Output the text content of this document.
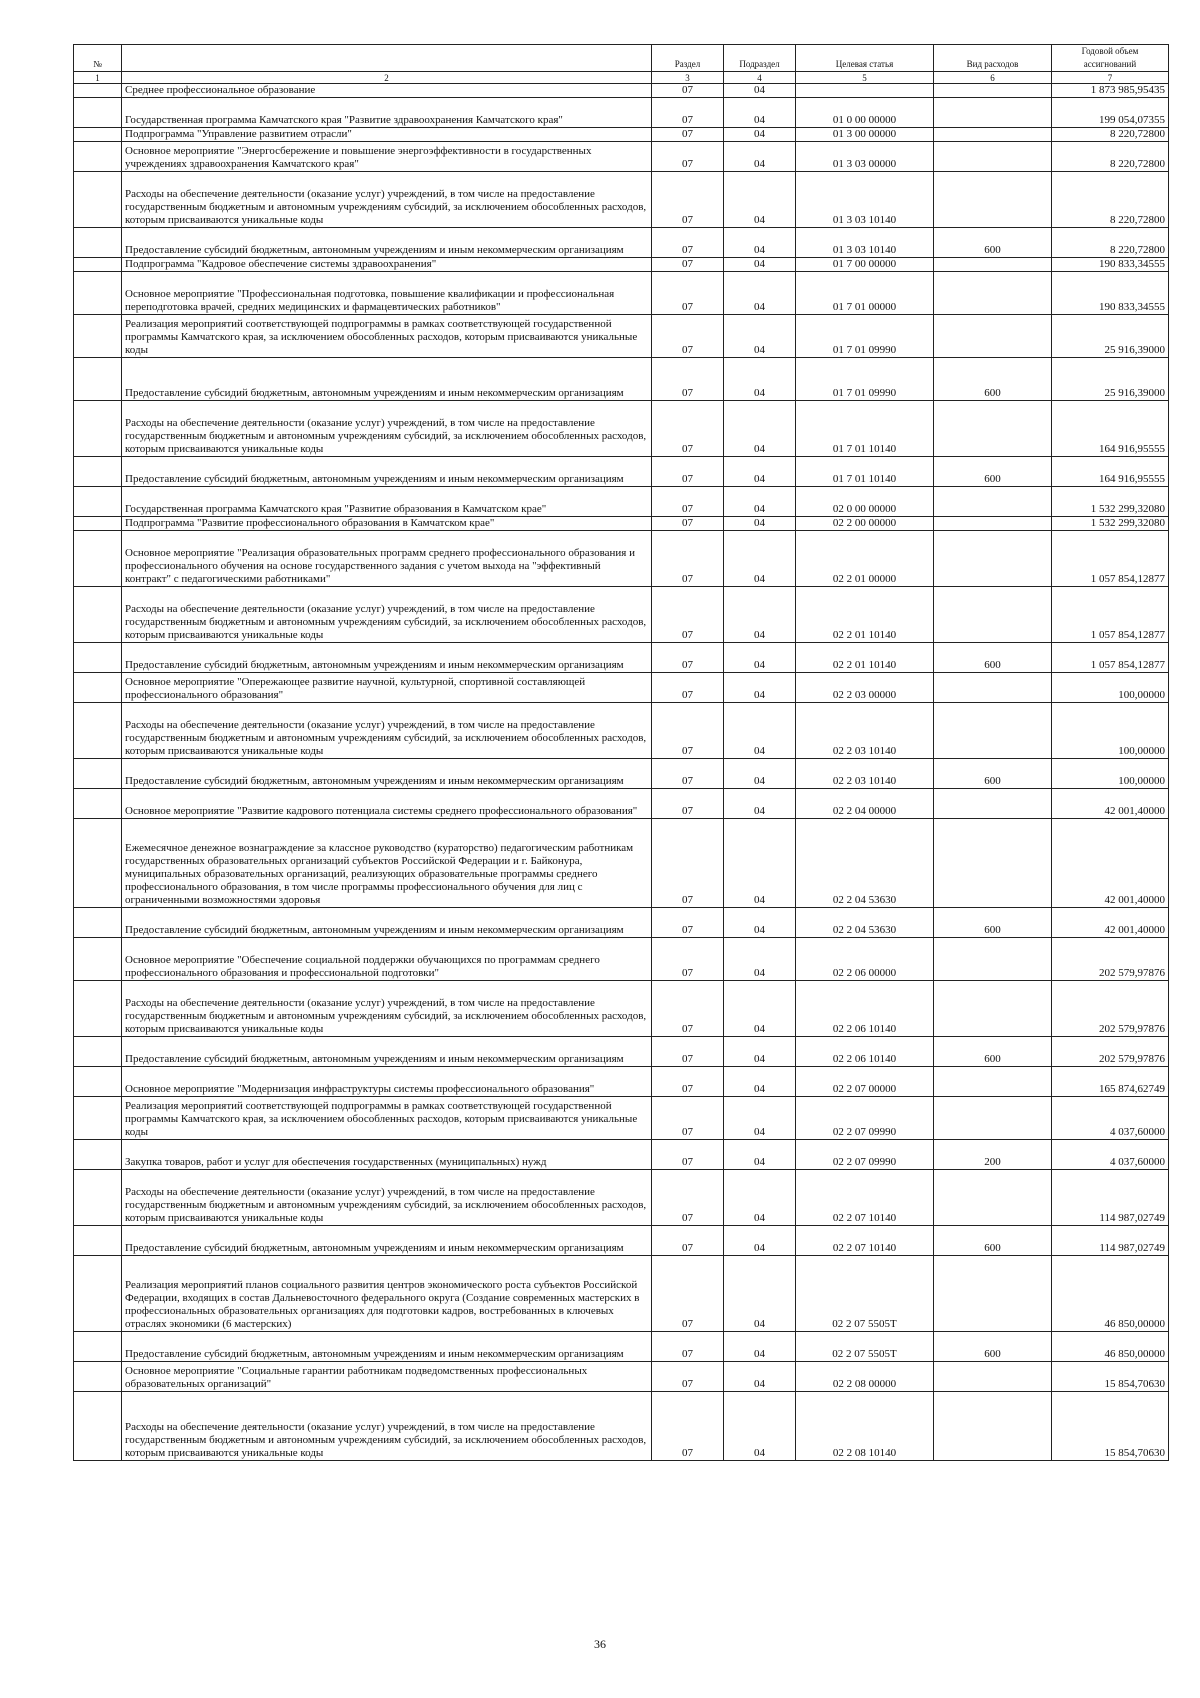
№		Раздел	Подраздел	Целевая статья	Вид расходов	Годовой объем ассигнований
1	2	3	4	5	6	7
	Среднее профессиональное образование	07	04			1 873 985,95435
	Государственная программа Камчатского края "Развитие здравоохранения Камчатского края"	07	04	01 0 00 00000		199 054,07355
	Подпрограмма "Управление развитием отрасли"	07	04	01 3 00 00000		8 220,72800
	Основное мероприятие "Энергосбережение и повышение энергоэффективности в государственных учреждениях здравоохранения Камчатского края"	07	04	01 3 03 00000		8 220,72800
	Расходы на обеспечение деятельности (оказание услуг) учреждений, в том числе на предоставление государственным бюджетным и автономным учреждениям субсидий, за исключением обособленных расходов, которым присваиваются уникальные коды	07	04	01 3 03 10140		8 220,72800
	Предоставление субсидий бюджетным, автономным учреждениям и иным некоммерческим организациям	07	04	01 3 03 10140	600	8 220,72800
	Подпрограмма "Кадровое обеспечение системы здравоохранения"	07	04	01 7 00 00000		190 833,34555
	Основное мероприятие "Профессиональная подготовка, повышение квалификации и профессиональная переподготовка врачей, средних медицинских и фармацевтических работников"	07	04	01 7 01 00000		190 833,34555
	Реализация мероприятий соответствующей подпрограммы в рамках соответствующей государственной программы Камчатского края, за исключением обособленных расходов, которым присваиваются уникальные коды	07	04	01 7 01 09990		25 916,39000
	Предоставление субсидий бюджетным, автономным учреждениям и иным некоммерческим организациям	07	04	01 7 01 09990	600	25 916,39000
	Расходы на обеспечение деятельности (оказание услуг) учреждений, в том числе на предоставление государственным бюджетным и автономным учреждениям субсидий, за исключением обособленных расходов, которым присваиваются уникальные коды	07	04	01 7 01 10140		164 916,95555
	Предоставление субсидий бюджетным, автономным учреждениям и иным некоммерческим организациям	07	04	01 7 01 10140	600	164 916,95555
	Государственная программа Камчатского края "Развитие образования в Камчатском крае"	07	04	02 0 00 00000		1 532 299,32080
	Подпрограмма "Развитие профессионального образования в Камчатском крае"	07	04	02 2 00 00000		1 532 299,32080
	Основное мероприятие "Реализация образовательных программ среднего профессионального образования и профессионального обучения на основе государственного задания с учетом выхода на "эффективный контракт" с педагогическими работниками"	07	04	02 2 01 00000		1 057 854,12877
	Расходы на обеспечение деятельности (оказание услуг) учреждений, в том числе на предоставление государственным бюджетным и автономным учреждениям субсидий, за исключением обособленных расходов, которым присваиваются уникальные коды	07	04	02 2 01 10140		1 057 854,12877
	Предоставление субсидий бюджетным, автономным учреждениям и иным некоммерческим организациям	07	04	02 2 01 10140	600	1 057 854,12877
	Основное мероприятие "Опережающее развитие научной, культурной, спортивной составляющей профессионального образования"	07	04	02 2 03 00000		100,00000
	Расходы на обеспечение деятельности (оказание услуг) учреждений, в том числе на предоставление государственным бюджетным и автономным учреждениям субсидий, за исключением обособленных расходов, которым присваиваются уникальные коды	07	04	02 2 03 10140		100,00000
	Предоставление субсидий бюджетным, автономным учреждениям и иным некоммерческим организациям	07	04	02 2 03 10140	600	100,00000
	Основное мероприятие "Развитие кадрового потенциала системы среднего профессионального образования"	07	04	02 2 04 00000		42 001,40000
	Ежемесячное денежное вознаграждение за классное руководство (кураторство) педагогическим работникам государственных образовательных организаций субъектов Российской Федерации и г. Байконура, муниципальных образовательных организаций, реализующих образовательные программы среднего профессионального образования, в том числе программы профессионального обучения для лиц с ограниченными возможностями здоровья	07	04	02 2 04 53630		42 001,40000
	Предоставление субсидий бюджетным, автономным учреждениям и иным некоммерческим организациям	07	04	02 2 04 53630	600	42 001,40000
	Основное мероприятие "Обеспечение социальной поддержки обучающихся по программам среднего профессионального образования и профессиональной подготовки"	07	04	02 2 06 00000		202 579,97876
	Расходы на обеспечение деятельности (оказание услуг) учреждений, в том числе на предоставление государственным бюджетным и автономным учреждениям субсидий, за исключением обособленных расходов, которым присваиваются уникальные коды	07	04	02 2 06 10140		202 579,97876
	Предоставление субсидий бюджетным, автономным учреждениям и иным некоммерческим организациям	07	04	02 2 06 10140	600	202 579,97876
	Основное мероприятие "Модернизация инфраструктуры системы профессионального образования"	07	04	02 2 07 00000		165 874,62749
	Реализация мероприятий соответствующей подпрограммы в рамках соответствующей государственной программы Камчатского края, за исключением обособленных расходов, которым присваиваются уникальные коды	07	04	02 2 07 09990		4 037,60000
	Закупка товаров, работ и услуг для обеспечения государственных (муниципальных) нужд	07	04	02 2 07 09990	200	4 037,60000
	Расходы на обеспечение деятельности (оказание услуг) учреждений, в том числе на предоставление государственным бюджетным и автономным учреждениям субсидий, за исключением обособленных расходов, которым присваиваются уникальные коды	07	04	02 2 07 10140		114 987,02749
	Предоставление субсидий бюджетным, автономным учреждениям и иным некоммерческим организациям	07	04	02 2 07 10140	600	114 987,02749
	Реализация мероприятий планов социального развития центров экономического роста субъектов Российской Федерации, входящих в состав Дальневосточного федерального округа (Создание современных мастерских в профессиональных образовательных организациях для подготовки кадров, востребованных в ключевых отраслях экономики (6 мастерских)	07	04	02 2 07 5505Т		46 850,00000
	Предоставление субсидий бюджетным, автономным учреждениям и иным некоммерческим организациям	07	04	02 2 07 5505Т	600	46 850,00000
	Основное мероприятие "Социальные гарантии работникам подведомственных профессиональных образовательных организаций"	07	04	02 2 08 00000		15 854,70630
	Расходы на обеспечение деятельности (оказание услуг) учреждений, в том числе на предоставление государственным бюджетным и автономным учреждениям субсидий, за исключением обособленных расходов, которым присваиваются уникальные коды	07	04	02 2 08 10140		15 854,70630
36
